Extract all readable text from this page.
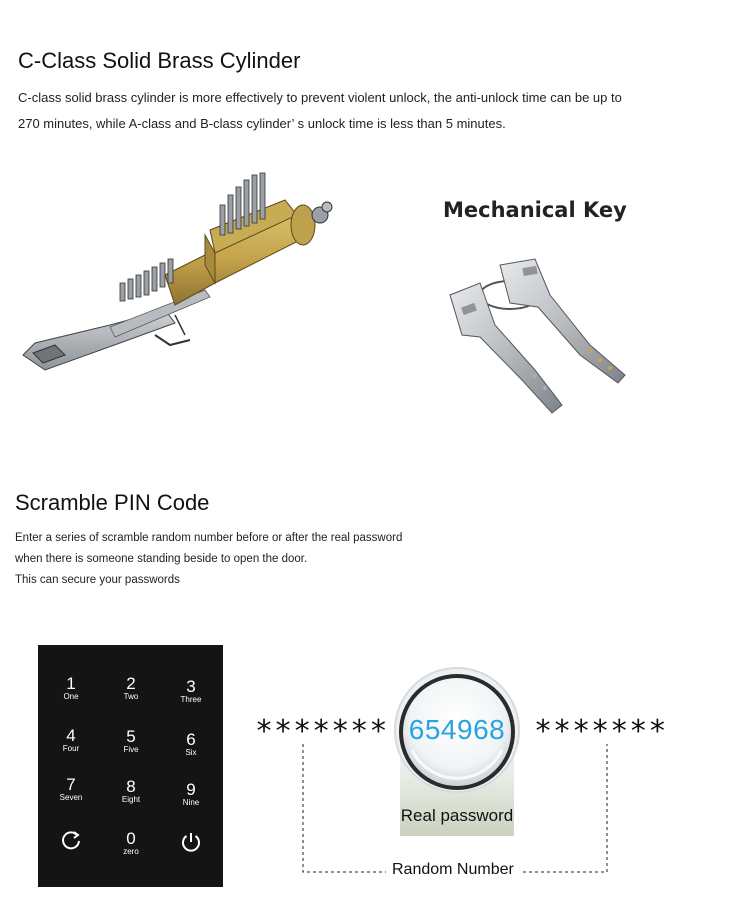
C-Class Solid Brass Cylinder
C-class solid brass cylinder is more effectively to prevent violent unlock, the anti-unlock time can be up to
270 minutes, while A-class and B-class cylinder’ s unlock time is less than 5 minutes.
Mechanical Key
Scramble PIN Code
Enter a series of scramble random number before or after the real password
when there is someone standing beside to open the door.
This can secure your passwords
1
One
2
Two
3
Three
4
Four
5
Five
6
Six
7
Seven
8
Eight
9
Nine
0
zero
*******	*******
654968
Real password
Random Number
